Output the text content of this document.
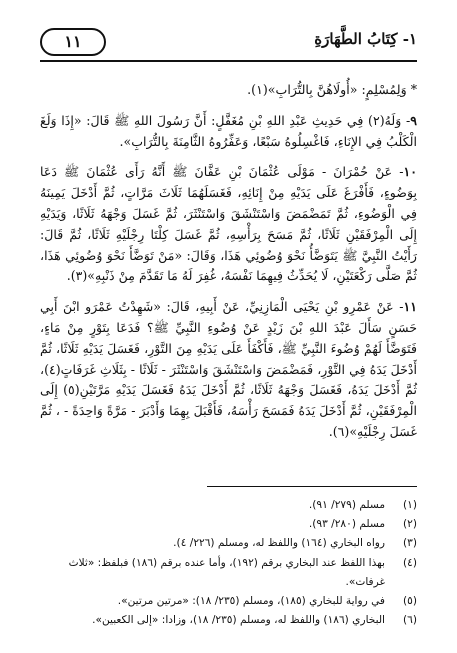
١- كِتَابُ الطَّهَارَةِ
١١

* وَلِمُسْلِمٍ: «أُولَاهُنَّ بِالتُّرَابِ»(١).

٩- وَلَهُ(٢) فِي حَدِيثِ عَبْدِ اللهِ بْنِ مُغَفَّلٍ: أَنَّ رَسُولَ اللهِ ﷺ قَالَ: «إِذَا وَلَغَ الْكَلْبُ فِي الإِنَاءِ، فَاغْسِلُوهُ سَبْعًا، وَعَفِّرُوهُ الثَّامِنَةَ بِالتُّرَابِ».

١٠- عَنْ حُمْرَانَ - مَوْلَى عُثْمَانَ بْنِ عَفَّانَ ﷺ أَنَّهُ رَأَى عُثْمَانَ ﷺ دَعَا بِوَضُوءٍ، فَأَفْرَغَ عَلَى يَدَيْهِ مِنْ إِنَائِهِ، فَغَسَلَهُمَا ثَلَاثَ مَرَّاتٍ، ثُمَّ أَدْخَلَ يَمِينَهُ فِي الْوَضُوءِ، ثُمَّ تَمَضْمَضَ وَاسْتَنْشَقَ وَاسْتَنْثَرَ، ثُمَّ غَسَلَ وَجْهَهُ ثَلَاثًا، وَيَدَيْهِ إِلَى الْمِرْفَقَيْنِ ثَلَاثًا، ثُمَّ مَسَحَ بِرَأْسِهِ، ثُمَّ غَسَلَ كِلْتَا رِجْلَيْهِ ثَلَاثًا، ثُمَّ قَالَ: رَأَيْتُ النَّبِيَّ ﷺ يَتَوَضَّأُ نَحْوَ وُضُوئِي هَذَا، وَقَالَ: «مَنْ تَوَضَّأَ نَحْوَ وُضُوئِي هَذَا، ثُمَّ صَلَّى رَكْعَتَيْنِ، لَا يُحَدِّثُ فِيهِمَا نَفْسَهُ، غُفِرَ لَهُ مَا تَقَدَّمَ مِنْ ذَنْبِهِ»(٣).

١١- عَنْ عَمْرِو بْنِ يَحْيَى الْمَازِنِيِّ، عَنْ أَبِيهِ، قَالَ: «شَهِدْتُ عَمْرَو ابْنَ أَبِي حَسَنٍ سَأَلَ عَبْدَ اللهِ بْنَ زَيْدٍ عَنْ وُضُوءِ النَّبِيِّ ﷺ؟ فَدَعَا بِتَوْرٍ مِنْ مَاءٍ، فَتَوَضَّأَ لَهُمْ وُضُوءَ النَّبِيِّ ﷺ، فَأَكْفَأَ عَلَى يَدَيْهِ مِنَ التَّوْرِ، فَغَسَلَ يَدَيْهِ ثَلَاثًا، ثُمَّ أَدْخَلَ يَدَهُ فِي التَّوْرِ، فَمَضْمَضَ وَاسْتَنْشَقَ وَاسْتَنْثَرَ - ثَلَاثًا - بِثَلَاثِ غَرَفَاتٍ(٤)، ثُمَّ أَدْخَلَ يَدَهُ، فَغَسَلَ وَجْهَهُ ثَلَاثًا، ثُمَّ أَدْخَلَ يَدَهُ فَغَسَلَ يَدَيْهِ مَرَّتَيْنِ(٥) إِلَى الْمِرْفَقَيْنِ، ثُمَّ أَدْخَلَ يَدَهُ فَمَسَحَ رَأْسَهُ، فَأَقْبَلَ بِهِمَا وَأَدْبَرَ - مَرَّةً وَاحِدَةً - ، ثُمَّ غَسَلَ رِجْلَيْهِ»(٦).

(١)
مسلم (٢٧٩/ ٩١).
(٢)
مسلم (٢٨٠/ ٩٣).
(٣)
رواه البخاري (١٦٤) واللفظ له، ومسلم (٢٢٦/ ٤).
(٤)
بهذا اللفظ عند البخاري برقم (١٩٢)، وأما عنده برقم (١٨٦) فبلفظ: «ثلاث غرفات».
(٥)
في رواية للبخاري (١٨٥)، ومسلم (٢٣٥/ ١٨): «مرتين مرتين».
(٦)
البخاري (١٨٦) واللفظ له، ومسلم (٢٣٥/ ١٨)، وزادا: «إلى الكعبين».
